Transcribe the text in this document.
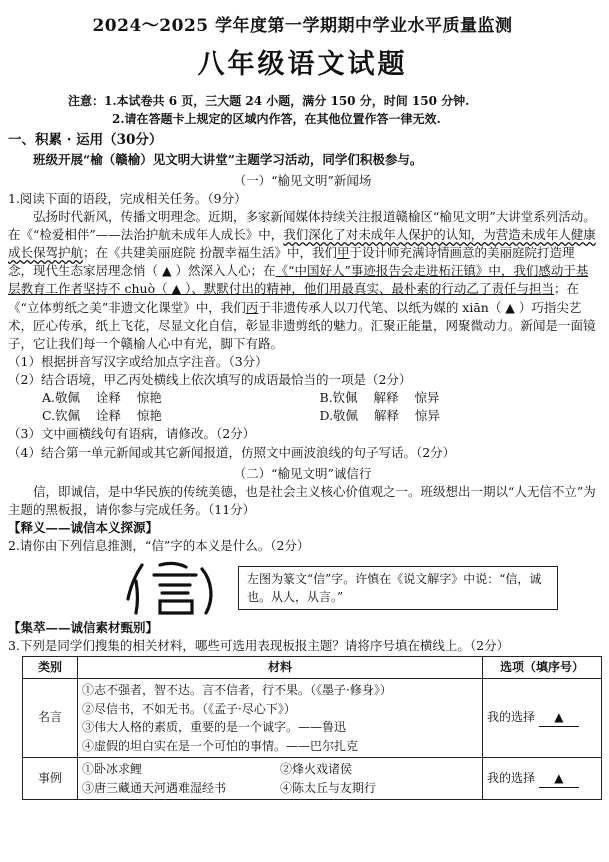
2024～2025 学年度第一学期期中学业水平质量监测
八年级语文试题
注意：1.本试卷共 6 页，三大题 24 小题，满分 150 分，时间 150 分钟.
2.请在答题卡上规定的区域内作答，在其他位置作答一律无效.
一、积累 · 运用（30分）

班级开展“榆（赣榆）见文明大讲堂”主题学习活动，同学们积极参与。

（一）“榆见文明”新闻场

1.阅读下面的语段，完成相关任务。（9分）

弘扬时代新风，传播文明理念。近期，多家新闻媒体持续关注报道赣榆区“榆见文明”大讲堂系列活动。在《“检爱相伴”——法治护航未成年人成长》中，我们深化了对未成年人保护的认知，为营造未成年人健康成长保驾护航；在《共建美丽庭院 扮靓幸福生活》中，我们甲于设计师充满诗情画意的美丽庭院打造理念，现代生态家居理念悄（ ▲ ）然深入人心；在《“中国好人”事迹报告会走进柘汪镇》中，我们感动于基层教育工作者坚持不 chuò（ ▲ ）、默默付出的精神，他们用最真实、最朴素的行动乙了责任与担当；在《“立体剪纸之美”非遗文化课堂》中，我们丙于非遗传承人以刀代笔、以纸为媒的 xiān（ ▲ ）巧指尖艺术，匠心传承，纸上飞花，尽显文化自信，彰显非遗剪纸的魅力。汇聚正能量，网聚微动力。新闻是一面镜子，它让我们每一个赣榆人心中有光，脚下有路。

（1）根据拼音写汉字或给加点字注音。（3分）

（2）结合语境，甲乙丙处横线上依次填写的成语最恰当的一项是（2分）

A.敬佩    诠释    惊艳	B.钦佩    解释    惊异
C.钦佩    诠释    惊艳	D.敬佩    解释    惊异

（3）文中画横线句有语病，请修改。（2分）

（4）结合第一单元新闻或其它新闻报道，仿照文中画波浪线的句子写话。（2分）

（二）“榆见文明”诚信行

信，即诚信，是中华民族的传统美德，也是社会主义核心价值观之一。班级想出一期以“人无信不立”为主题的黑板报，请你参与完成任务。（11分）

【释义——诚信本义探源】

2.请你由下列信息推测，“信”字的本义是什么。（2分）

左图为篆文“信”字。许慎在《说文解字》中说：“信，诚也。从人，从言。”

【集萃——诚信素材甄别】

3.下列是同学们搜集的相关材料，哪些可选用表现板报主题？请将序号填在横线上。（2分）

类别	材料	选项（填序号）
名言	①志不强者，智不达。言不信者，行不果。（《墨子·修身》）
②尽信书，不如无书。（《孟子·尽心下》）
③伟大人格的素质，重要的是一个诚字。——鲁迅
④虚假的坦白实在是一个可怕的事情。——巴尔扎克	我的选择 ▲
事例	①卧冰求鲤 ②烽火戏诸侯
③唐三藏通天河遇难湿经书 ④陈太丘与友期行	我的选择 ▲
